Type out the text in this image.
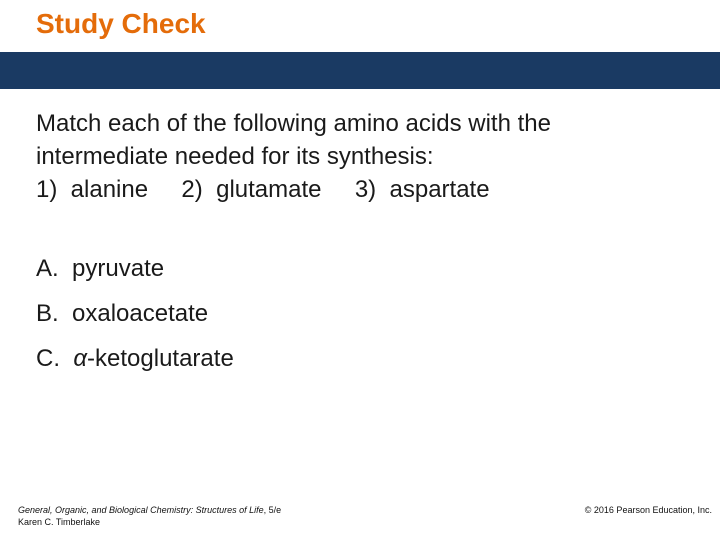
Study Check
Match each of the following amino acids with the
intermediate needed for its synthesis:
1)  alanine     2)  glutamate     3)  aspartate
A. pyruvate
B. oxaloacetate
C. α-ketoglutarate
General, Organic, and Biological Chemistry: Structures of Life, 5/e
Karen C. Timberlake
© 2016 Pearson Education, Inc.
